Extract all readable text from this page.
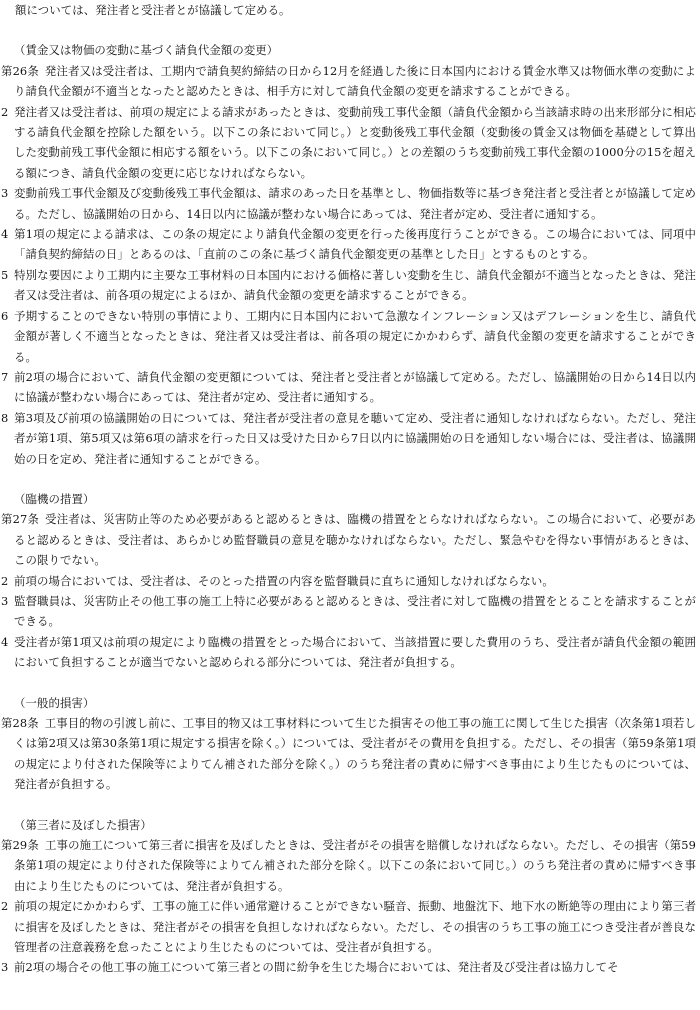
額については、発注者と受注者とが協議して定める。

（賃金又は物価の変動に基づく請負代金額の変更）

第26条 発注者又は受注者は、工期内で請負契約締結の日から12月を経過した後に日本国内における賃金水準又は物価水準の変動により請負代金額が不適当となったと認めたときは、相手方に対して請負代金額の変更を請求することができる。

2 発注者又は受注者は、前項の規定による請求があったときは、変動前残工事代金額（請負代金額から当該請求時の出来形部分に相応する請負代金額を控除した額をいう。以下この条において同じ。）と変動後残工事代金額（変動後の賃金又は物価を基礎として算出した変動前残工事代金額に相応する額をいう。以下この条において同じ。）との差額のうち変動前残工事代金額の1000分の15を超える額につき、請負代金額の変更に応じなければならない。

3 変動前残工事代金額及び変動後残工事代金額は、請求のあった日を基準とし、物価指数等に基づき発注者と受注者とが協議して定める。ただし、協議開始の日から、14日以内に協議が整わない場合にあっては、発注者が定め、受注者に通知する。

4 第1項の規定による請求は、この条の規定により請負代金額の変更を行った後再度行うことができる。この場合においては、同項中「請負契約締結の日」とあるのは、「直前のこの条に基づく請負代金額変更の基準とした日」とするものとする。

5 特別な要因により工期内に主要な工事材料の日本国内における価格に著しい変動を生じ、請負代金額が不適当となったときは、発注者又は受注者は、前各項の規定によるほか、請負代金額の変更を請求することができる。

6 予期することのできない特別の事情により、工期内に日本国内において急激なインフレーション又はデフレーションを生じ、請負代金額が著しく不適当となったときは、発注者又は受注者は、前各項の規定にかかわらず、請負代金額の変更を請求することができる。

7 前2項の場合において、請負代金額の変更額については、発注者と受注者とが協議して定める。ただし、協議開始の日から14日以内に協議が整わない場合にあっては、発注者が定め、受注者に通知する。

8 第3項及び前項の協議開始の日については、発注者が受注者の意見を聴いて定め、受注者に通知しなければならない。ただし、発注者が第1項、第5項又は第6項の請求を行った日又は受けた日から7日以内に協議開始の日を通知しない場合には、受注者は、協議開始の日を定め、発注者に通知することができる。

（臨機の措置）

第27条 受注者は、災害防止等のため必要があると認めるときは、臨機の措置をとらなければならない。この場合において、必要があると認めるときは、受注者は、あらかじめ監督職員の意見を聴かなければならない。ただし、緊急やむを得ない事情があるときは、この限りでない。

2 前項の場合においては、受注者は、そのとった措置の内容を監督職員に直ちに通知しなければならない。

3 監督職員は、災害防止その他工事の施工上特に必要があると認めるときは、受注者に対して臨機の措置をとることを請求することができる。

4 受注者が第1項又は前項の規定により臨機の措置をとった場合において、当該措置に要した費用のうち、受注者が請負代金額の範囲において負担することが適当でないと認められる部分については、発注者が負担する。

（一般的損害）

第28条 工事目的物の引渡し前に、工事目的物又は工事材料について生じた損害その他工事の施工に関して生じた損害（次条第1項若しくは第2項又は第30条第1項に規定する損害を除く。）については、受注者がその費用を負担する。ただし、その損害（第59条第1項の規定により付された保険等によりてん補された部分を除く。）のうち発注者の責めに帰すべき事由により生じたものについては、発注者が負担する。

（第三者に及ぼした損害）

第29条 工事の施工について第三者に損害を及ぼしたときは、受注者がその損害を賠償しなければならない。ただし、その損害（第59条第1項の規定により付された保険等によりてん補された部分を除く。以下この条において同じ。）のうち発注者の責めに帰すべき事由により生じたものについては、発注者が負担する。

2 前項の規定にかかわらず、工事の施工に伴い通常避けることができない騒音、振動、地盤沈下、地下水の断絶等の理由により第三者に損害を及ぼしたときは、発注者がその損害を負担しなければならない。ただし、その損害のうち工事の施工につき受注者が善良な管理者の注意義務を怠ったことにより生じたものについては、受注者が負担する。

3 前2項の場合その他工事の施工について第三者との間に紛争を生じた場合においては、発注者及び受注者は協力してそ
